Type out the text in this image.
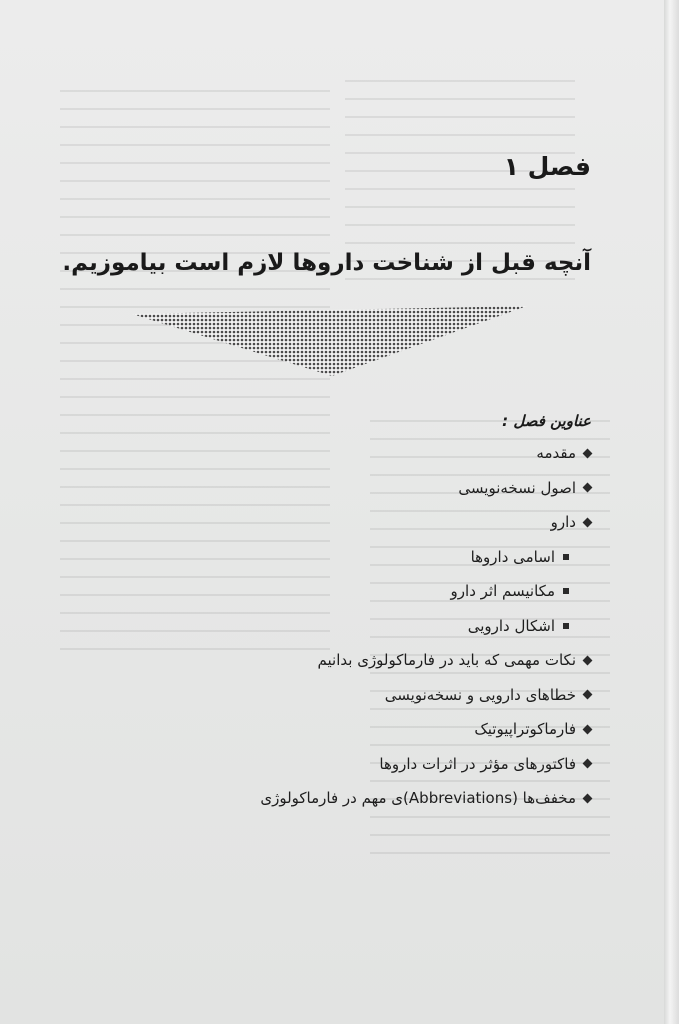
فصل ۱
آنچه قبل از شناخت داروها لازم است بیاموزیم.
عناوین فصل :
مقدمه
اصول نسخه‌نویسی
دارو
اسامی داروها
مکانیسم اثر دارو
اشکال دارویی
نکات مهمی که باید در فارماکولوژی بدانیم
خطاهای دارویی و نسخه‌نویسی
فارماکوتراپیوتیک
فاکتورهای مؤثر در اثرات داروها
مخفف‌ها (Abbreviations)ی مهم در فارماکولوژی
